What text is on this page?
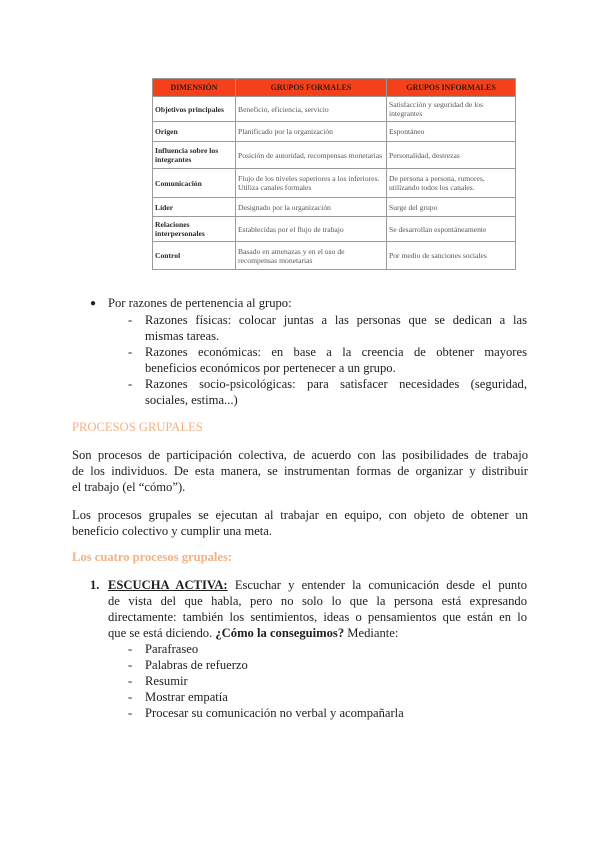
DIMENSIÓN	GRUPOS FORMALES	GRUPOS INFORMALES
Objetivos principales	Beneficio, eficiencia, servicio	Satisfacción y seguridad de los integrantes
Origen	Planificado por la organización	Espontáneo
Influencia sobre los integrantes	Posición de autoridad, recompensas monetarias	Personalidad, destrezas
Comunicación	Flujo de los niveles superiores a los inferiores. Utiliza canales formales	De persona a persona, rumores, utilizando todos los canales.
Líder	Designado por la organización	Surge del grupo
Relaciones interpersonales	Establecidas por el flujo de trabajo	Se desarrollan espontáneamente
Control	Basado en amenazas y en el uso de recompensas monetarias	Por medio de sanciones sociales
● Por razones de pertenencia al grupo:
- Razones físicas: colocar juntas a las personas que se dedican a las
mismas tareas.
- Razones económicas: en base a la creencia de obtener mayores
beneficios económicos por pertenecer a un grupo.
- Razones socio-psicológicas: para satisfacer necesidades (seguridad,
sociales, estima...)
PROCESOS GRUPALES
Son procesos de participación colectiva, de acuerdo con las posibilidades de trabajo
de los individuos. De esta manera, se instrumentan formas de organizar y distribuir
el trabajo (el “cómo”).
Los procesos grupales se ejecutan al trabajar en equipo, con objeto de obtener un
beneficio colectivo y cumplir una meta.
Los cuatro procesos grupales:
1. ESCUCHA ACTIVA: Escuchar y entender la comunicación desde el punto
de vista del que habla, pero no solo lo que la persona está expresando
directamente: también los sentimientos, ideas o pensamientos que están en lo
que se está diciendo. ¿Cómo la conseguimos? Mediante:
- Parafraseo
- Palabras de refuerzo
- Resumir
- Mostrar empatía
- Procesar su comunicación no verbal y acompañarla
